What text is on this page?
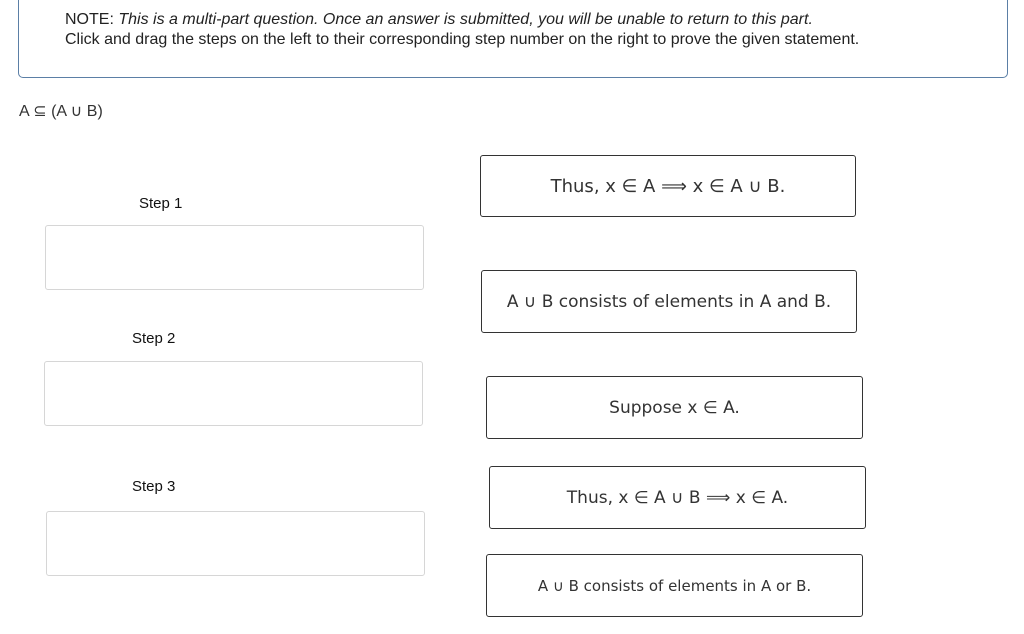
NOTE: This is a multi-part question. Once an answer is submitted, you will be unable to return to this part.
Click and drag the steps on the left to their corresponding step number on the right to prove the given statement.
A ⊆ (A ∪ B)
Step 1
Step 2
Step 3
Thus, x ∈ A ⟹ x ∈ A ∪ B.
A ∪ B consists of elements in A and B.
Suppose x ∈ A.
Thus, x ∈ A ∪ B ⟹ x ∈ A.
A ∪ B consists of elements in A or B.
